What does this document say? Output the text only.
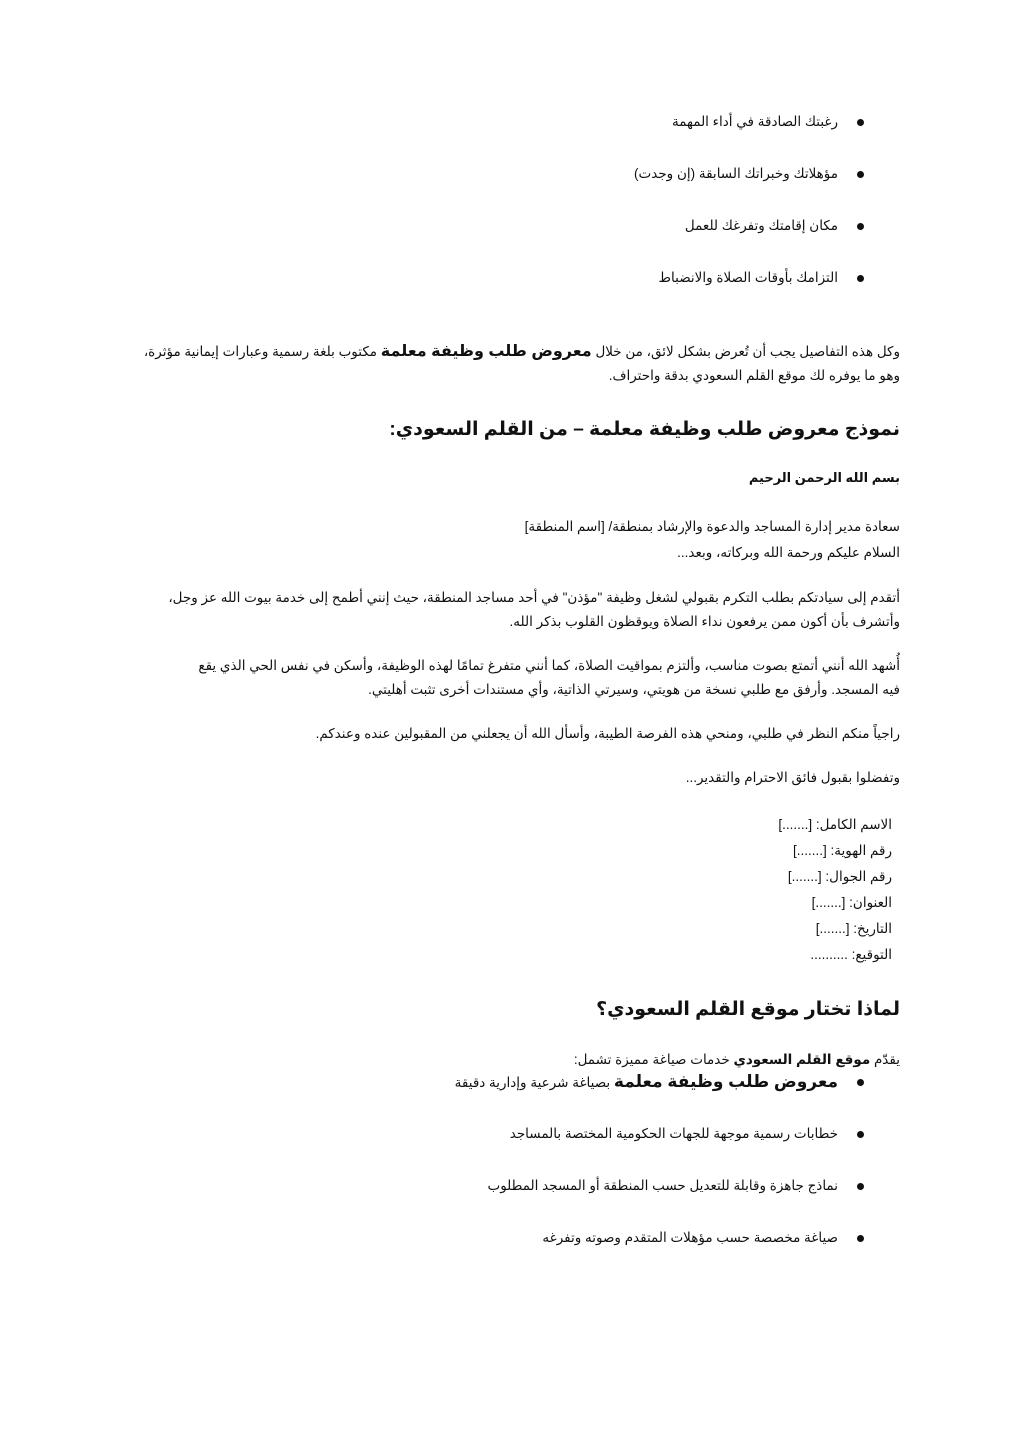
رغبتك الصادقة في أداء المهمة
مؤهلاتك وخبراتك السابقة (إن وجدت)
مكان إقامتك وتفرغك للعمل
التزامك بأوقات الصلاة والانضباط

وكل هذه التفاصيل يجب أن تُعرض بشكل لائق، من خلال معروض طلب وظيفة معلمة مكتوب بلغة رسمية وعبارات إيمانية مؤثرة، وهو ما يوفره لك موقع القلم السعودي بدقة واحتراف.

نموذج معروض طلب وظيفة معلمة – من القلم السعودي:

بسم الله الرحمن الرحيم

سعادة مدير إدارة المساجد والدعوة والإرشاد بمنطقة/ [اسم المنطقة]
السلام عليكم ورحمة الله وبركاته، وبعد...

أتقدم إلى سيادتكم بطلب التكرم بقبولي لشغل وظيفة "مؤذن" في أحد مساجد المنطقة، حيث إنني أطمح إلى خدمة بيوت الله عز وجل،
وأتشرف بأن أكون ممن يرفعون نداء الصلاة ويوقظون القلوب بذكر الله.

أُشهد الله أنني أتمتع بصوت مناسب، وألتزم بمواقيت الصلاة، كما أنني متفرغ تمامًا لهذه الوظيفة، وأسكن في نفس الحي الذي يقع
فيه المسجد. وأرفق مع طلبي نسخة من هويتي، وسيرتي الذاتية، وأي مستندات أخرى تثبت أهليتي.

راجياً منكم النظر في طلبي، ومنحي هذه الفرصة الطيبة، وأسأل الله أن يجعلني من المقبولين عنده وعندكم.

وتفضلوا بقبول فائق الاحترام والتقدير...

الاسم الكامل: [.......]
رقم الهوية: [.......]
رقم الجوال: [.......]
العنوان: [.......]
التاريخ: [.......]
التوقيع: ..........

لماذا تختار موقع القلم السعودي؟

يقدّم موقع القلم السعودي خدمات صياغة مميزة تشمل:

معروض طلب وظيفة معلمة بصياغة شرعية وإدارية دقيقة
خطابات رسمية موجهة للجهات الحكومية المختصة بالمساجد
نماذج جاهزة وقابلة للتعديل حسب المنطقة أو المسجد المطلوب
صياغة مخصصة حسب مؤهلات المتقدم وصوته وتفرغه
